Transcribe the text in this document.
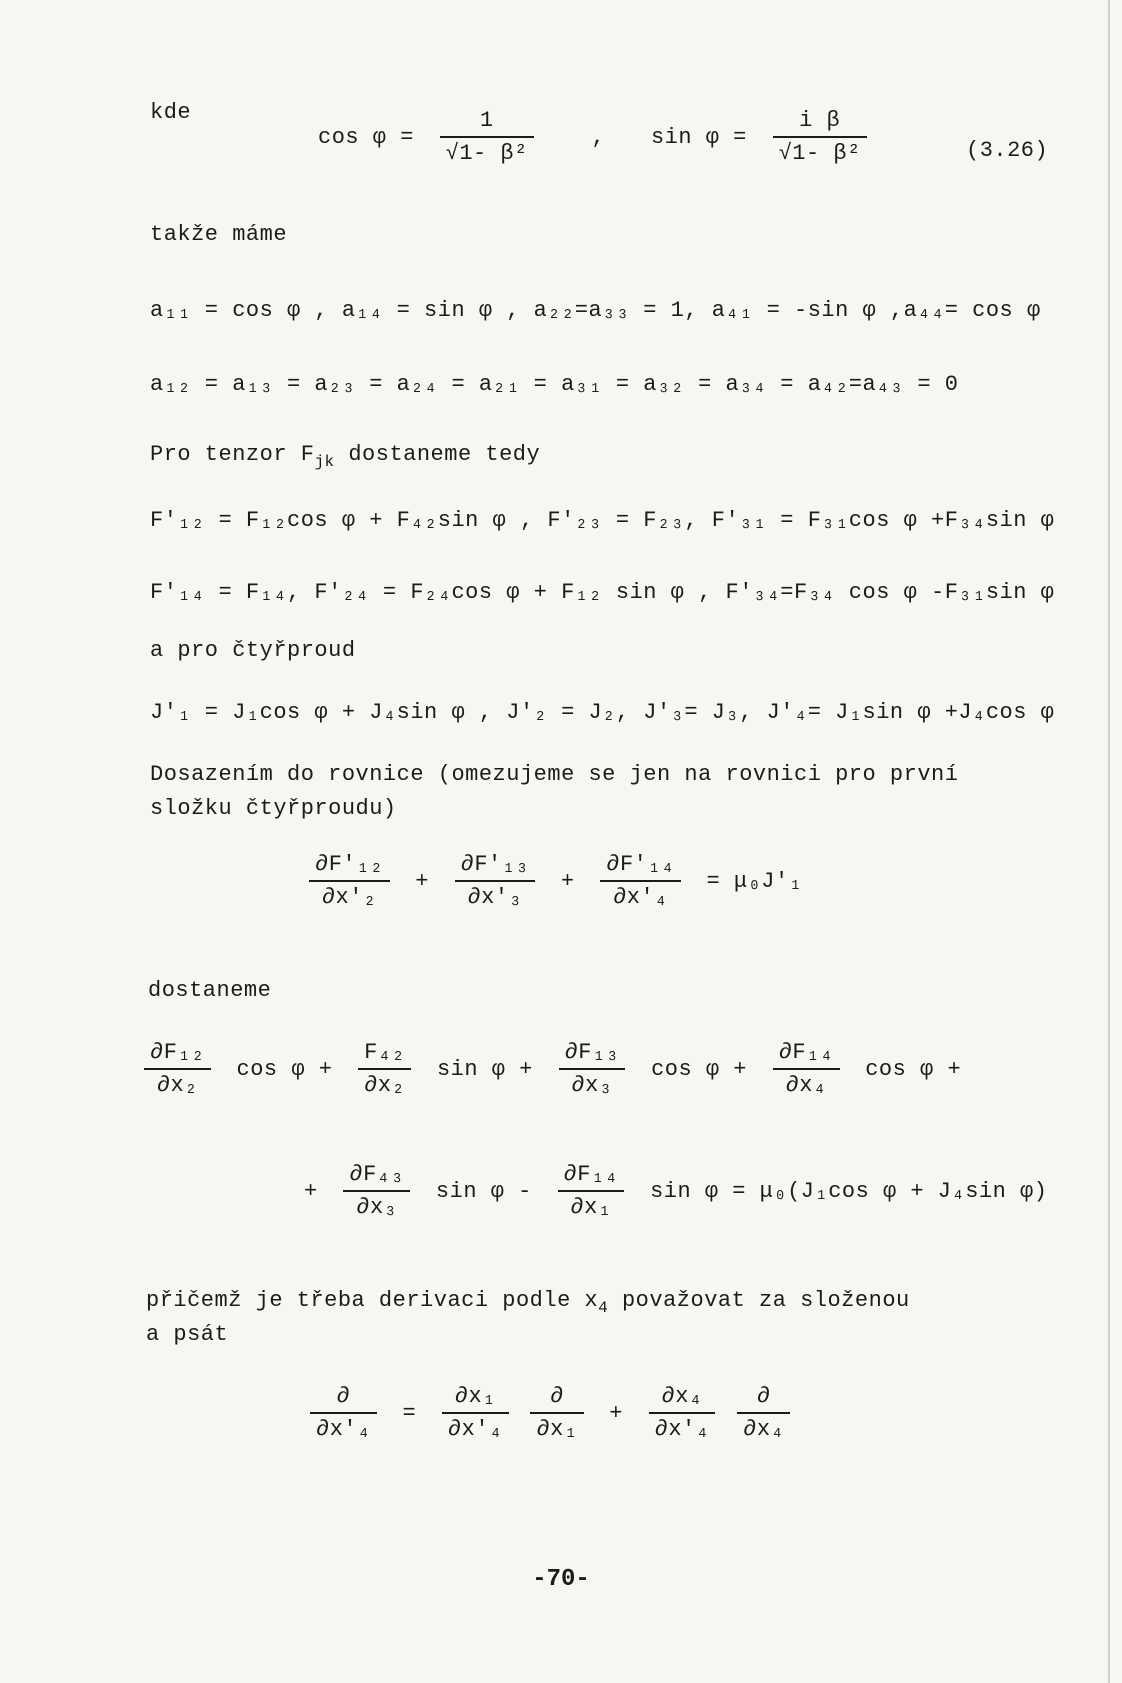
kde
$\cos \varphi = \frac{1}{\text{√1- β²}}$	, $\sin \varphi = \frac{\text{i β}}{\text{√1- β²}}$	(3.26)
takže máme
a₁₁ = cos φ , a₁₄ = sin φ , a₂₂=a₃₃ = 1, a₄₁ = -sin φ ,a₄₄= cos φ
a₁₂ = a₁₃ = a₂₃ = a₂₄ = a₂₁ = a₃₁ = a₃₂ = a₃₄ = a₄₂=a₄₃ = 0
Pro tenzor $F_{jk}$ dostaneme tedy
F′₁₂ = F₁₂cos φ + F₄₂sin φ , F′₂₃ = F₂₃, F′₃₁ = F₃₁cos φ +F₃₄sin φ
F′₁₄ = F₁₄, F′₂₄ = F₂₄cos φ + F₁₂ sin φ , F′₃₄=F₃₄ cos φ -F₃₁sin φ
a pro čtyřproud
J′₁ = J₁cos φ + J₄sin φ , J′₂ = J₂, J′₃= J₃, J′₄= J₁sin φ +J₄cos φ
Dosazením do rovnice (omezujeme se jen na rovnici pro první
složku čtyřproudu)
$\frac{\text{∂F′₁₂}}{\text{∂x′₂}} + \frac{\text{∂F′₁₃}}{\text{∂x′₃}} + \frac{\text{∂F′₁₄}}{\text{∂x′₄}} = \mu_0J'_1$
dostaneme
$\frac{\text{∂F₁₂}}{\text{∂x₂}}$ $\cos \varphi + \frac{\text{F₄₂}}{\text{∂x₂}}$ $\sin \varphi + \frac{\text{∂F₁₃}}{\text{∂x₃}}$ $\cos \varphi + \frac{\text{∂F₁₄}}{\text{∂x₄}}$ cos φ +
+ $\frac{\text{∂F₄₃}}{\text{∂x₃}}$ sin φ - $\frac{\text{∂F₁₄}}{\text{∂x₁}}$ sin φ = μ₀(J₁cos φ + J₄sin φ)
přičemž je třeba derivaci podle $x_4$ považovat za složenou
a psát
$\frac{\partial}{\text{∂x′₄}} = \frac{\text{∂x₁}}{\text{∂x′₄}}$
$\frac{\partial}{\text{∂x₁}} + \frac{\text{∂x₄}}{\text{∂x′₄}}$
$\frac{\partial}{\text{∂x₄}}$
-70-
